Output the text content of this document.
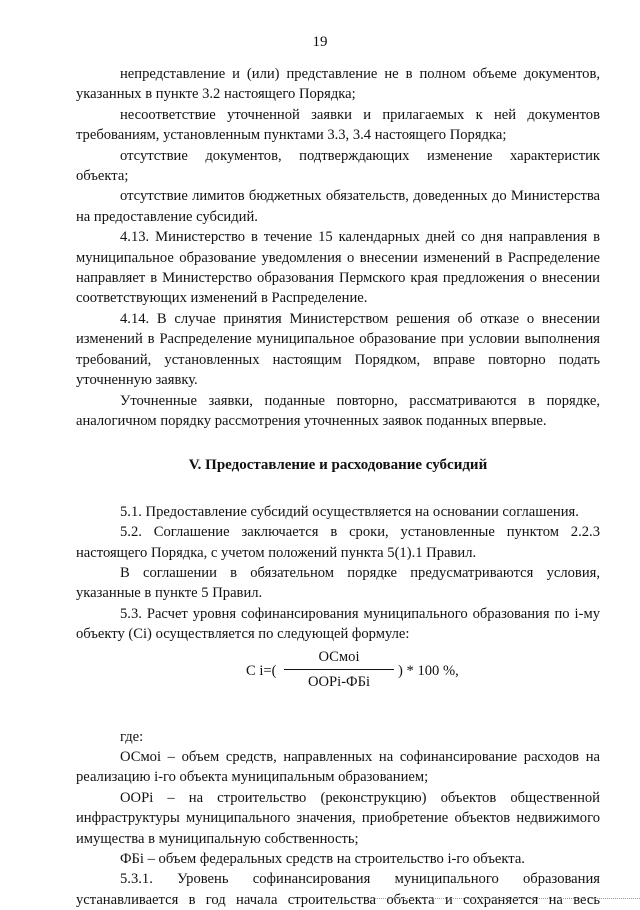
19

непредставление и (или) представление не в полном объеме документов, указанных в пункте 3.2 настоящего Порядка;

несоответствие уточненной заявки и прилагаемых к ней документов требованиям, установленным пунктами 3.3, 3.4 настоящего Порядка;

отсутствие документов, подтверждающих изменение характеристик объекта;

отсутствие лимитов бюджетных обязательств, доведенных до Министерства на предоставление субсидий.

4.13. Министерство в течение 15 календарных дней со дня направления в муниципальное образование уведомления о внесении изменений в Распределение направляет в Министерство образования Пермского края предложения о внесении соответствующих изменений в Распределение.

4.14. В случае принятия Министерством решения об отказе о внесении изменений в Распределение муниципальное образование при условии выполнения требований, установленных настоящим Порядком, вправе повторно подать уточненную заявку.

Уточненные заявки, поданные повторно, рассматриваются в порядке, аналогичном порядку рассмотрения уточненных заявок поданных впервые.

V. Предоставление и расходование субсидий

5.1. Предоставление субсидий осуществляется на основании соглашения.

5.2. Соглашение заключается в сроки, установленные пунктом 2.2.3 настоящего Порядка, с учетом положений пункта 5(1).1 Правил.

В соглашении в обязательном порядке предусматриваются условия, указанные в пункте 5 Правил.

5.3. Расчет уровня софинансирования муниципального образования по i-му объекту (Ci) осуществляется по следующей формуле:

С i=(
ОСмоi
ООРi-ФБi
) * 100 %,

где:

ОСмоi – объем средств, направленных на софинансирование расходов на реализацию i-го объекта муниципальным образованием;

ООРi – на строительство (реконструкцию) объектов общественной инфраструктуры муниципального значения, приобретение объектов недвижимого имущества в муниципальную собственность;

ФБi – объем федеральных средств на строительство i-го объекта.

5.3.1. Уровень софинансирования муниципального образования устанавливается в год начала строительства объекта и сохраняется на весь
